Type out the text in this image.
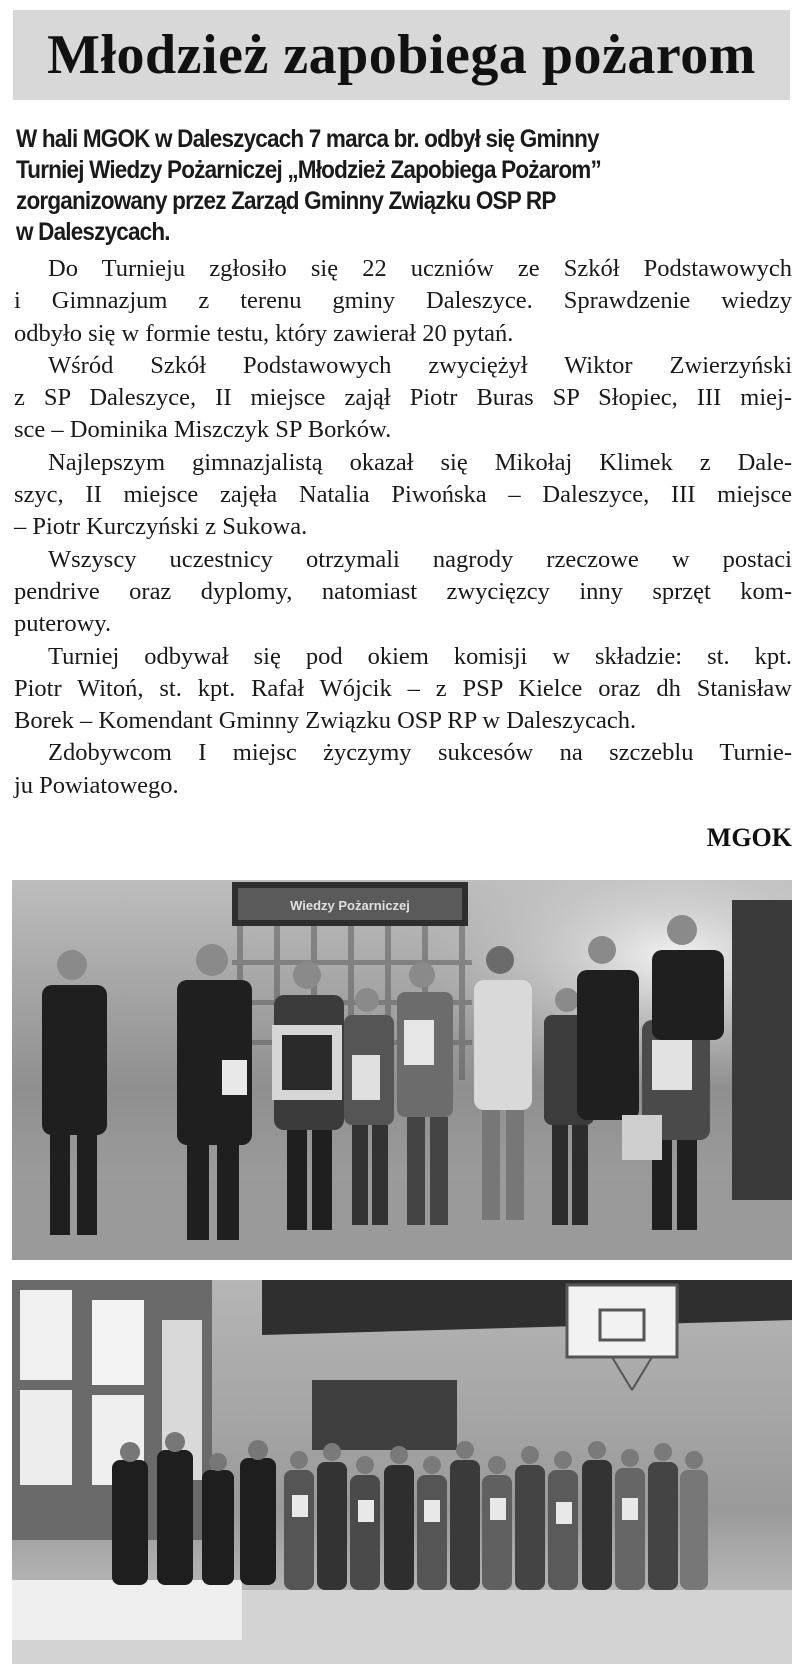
Młodzież zapobiega pożarom
W hali MGOK w Daleszycach 7 marca br. odbył się Gminny
Turniej Wiedzy Pożarniczej „Młodzież Zapobiega Pożarom”
zorganizowany przez Zarząd Gminny Związku OSP RP
w Daleszycach.
Do Turnieju zgłosiło się 22 uczniów ze Szkół Podstawowych
i Gimnazjum z terenu gminy Daleszyce. Sprawdzenie wiedzy
odbyło się w formie testu, który zawierał 20 pytań.
Wśród Szkół Podstawowych zwyciężył Wiktor Zwierzyński
z SP Daleszyce, II miejsce zajął Piotr Buras SP Słopiec, III miej-
sce – Dominika Miszczyk SP Borków.
Najlepszym gimnazjalistą okazał się Mikołaj Klimek z Dale-
szyc, II miejsce zajęła Natalia Piwońska – Daleszyce, III miejsce
– Piotr Kurczyński z Sukowa.
Wszyscy uczestnicy otrzymali nagrody rzeczowe w postaci
pendrive oraz dyplomy, natomiast zwycięzcy inny sprzęt kom-
puterowy.
Turniej odbywał się pod okiem komisji w składzie: st. kpt.
Piotr Witoń, st. kpt. Rafał Wójcik – z PSP Kielce oraz dh Stanisław
Borek – Komendant Gminny Związku OSP RP w Daleszycach.
Zdobywcom I miejsc życzymy sukcesów na szczeblu Turnie-
ju Powiatowego.
MGOK
Wiedzy Pożarniczej
